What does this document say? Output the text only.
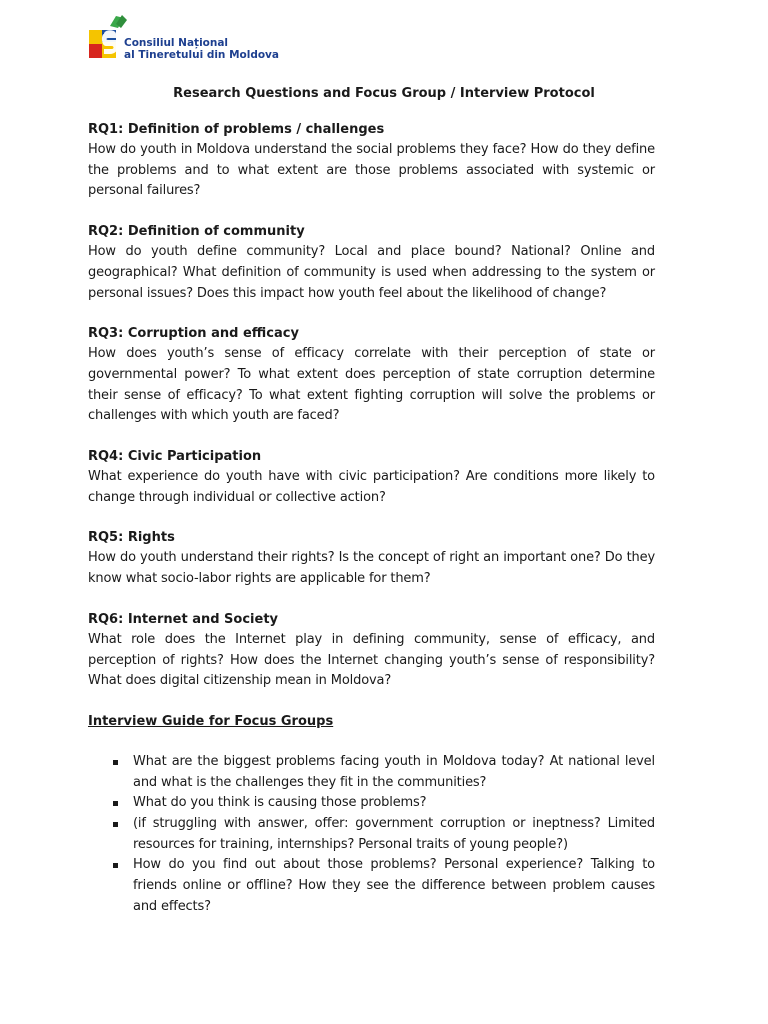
Consiliul Național
al Tineretului din Moldova
Research Questions and Focus Group / Interview Protocol

RQ1: Definition of problems / challenges

How do youth in Moldova understand the social problems they face? How do they define the problems and to what extent are those problems associated with systemic or personal failures?

RQ2: Definition of community

How do youth define community? Local and place bound? National? Online and geographical? What definition of community is used when addressing to the system or personal issues? Does this impact how youth feel about the likelihood of change?

RQ3: Corruption and efficacy

How does youth’s sense of efficacy correlate with their perception of state or governmental power? To what extent does perception of state corruption determine their sense of efficacy? To what extent fighting corruption will solve the problems or challenges with which youth are faced?

RQ4: Civic Participation

What experience do youth have with civic participation? Are conditions more likely to change through individual or collective action?

RQ5: Rights

How do youth understand their rights? Is the concept of right an important one? Do they know what socio-labor rights are applicable for them?

RQ6: Internet and Society

What role does the Internet play in defining community, sense of efficacy, and perception of rights? How does the Internet changing youth’s sense of responsibility? What does digital citizenship mean in Moldova?

Interview Guide for Focus Groups
What are the biggest problems facing youth in Moldova today? At national level and what is the challenges they fit in the communities?
What do you think is causing those problems?
(if struggling with answer, offer: government corruption or ineptness? Limited resources for training, internships? Personal traits of young people?)
How do you find out about those problems? Personal experience? Talking to friends online or offline? How they see the difference between problem causes and effects?
